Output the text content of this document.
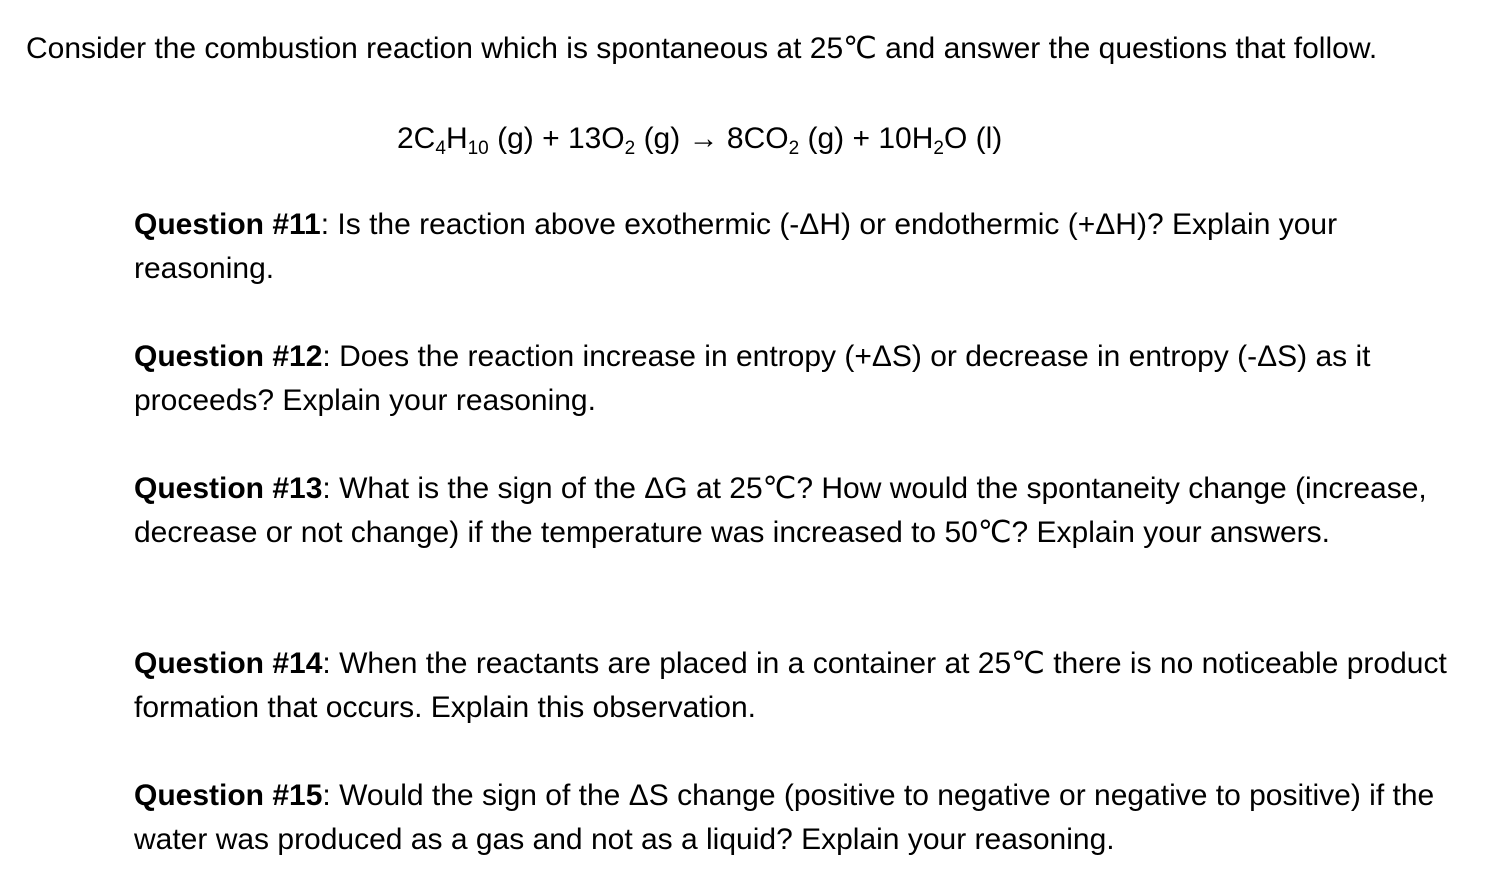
Consider the combustion reaction which is spontaneous at 25℃ and answer the questions that follow.

$2C_4H_{10}$ $(g) + 13O_2$ $(g) \to 8CO_2$ $(g) + 10H_2O$ (l)

Question #11: Is the reaction above exothermic (-ΔH) or endothermic (+ΔH)? Explain your reasoning.

Question #12: Does the reaction increase in entropy (+ΔS) or decrease in entropy (-ΔS) as it proceeds? Explain your reasoning.

Question #13: What is the sign of the ΔG at 25℃? How would the spontaneity change (increase, decrease or not change) if the temperature was increased to 50℃? Explain your answers.

Question #14: When the reactants are placed in a container at 25℃ there is no noticeable product formation that occurs. Explain this observation.

Question #15: Would the sign of the ΔS change (positive to negative or negative to positive) if the water was produced as a gas and not as a liquid? Explain your reasoning.
